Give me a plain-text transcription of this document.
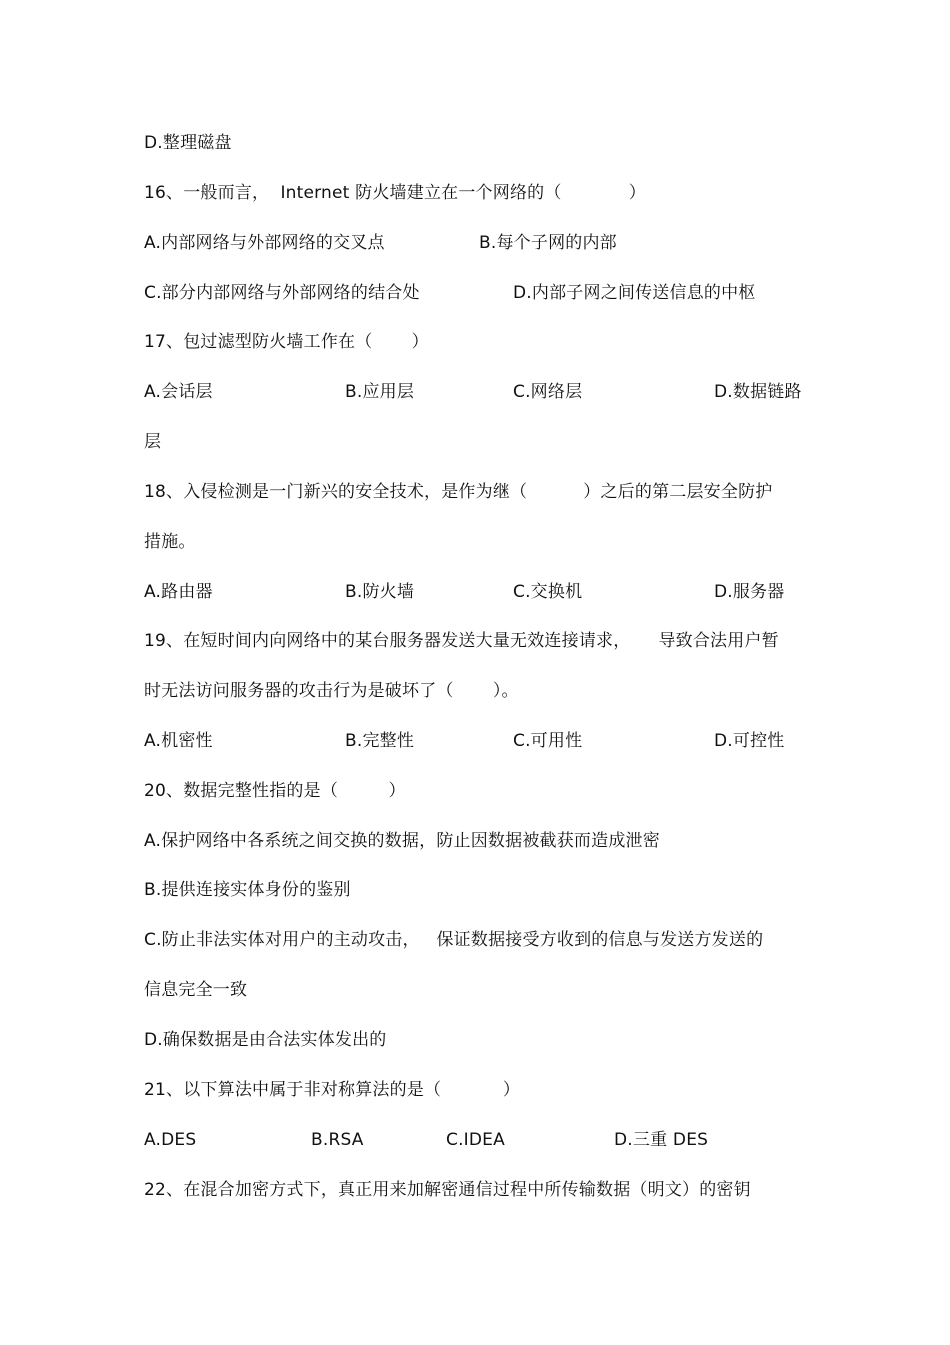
D.整理磁盘
16、一般而言，  Internet 防火墙建立在一个网络的（            ）
A.内部网络与外部网络的交叉点	B.每个子网的内部
C.部分内部网络与外部网络的结合处	D.内部子网之间传送信息的中枢
17、包过滤型防火墙工作在（       ）
A.会话层	B.应用层	C.网络层	D.数据链路
层
18、入侵检测是一门新兴的安全技术，是作为继（          ）之后的第二层安全防护
措施。
A.路由器	B.防火墙	C.交换机	D.服务器
19、在短时间内向网络中的某台服务器发送大量无效连接请求，     导致合法用户暂
时无法访问服务器的攻击行为是破坏了（       ）。
A.机密性	B.完整性	C.可用性	D.可控性
20、数据完整性指的是（         ）
A.保护网络中各系统之间交换的数据，防止因数据被截获而造成泄密
B.提供连接实体身份的鉴别
C.防止非法实体对用户的主动攻击，   保证数据接受方收到的信息与发送方发送的
信息完全一致
D.确保数据是由合法实体发出的
21、以下算法中属于非对称算法的是（           ）
A.DES	B.RSA	C.IDEA	D.三重 DES
22、在混合加密方式下，真正用来加解密通信过程中所传输数据（明文）的密钥
